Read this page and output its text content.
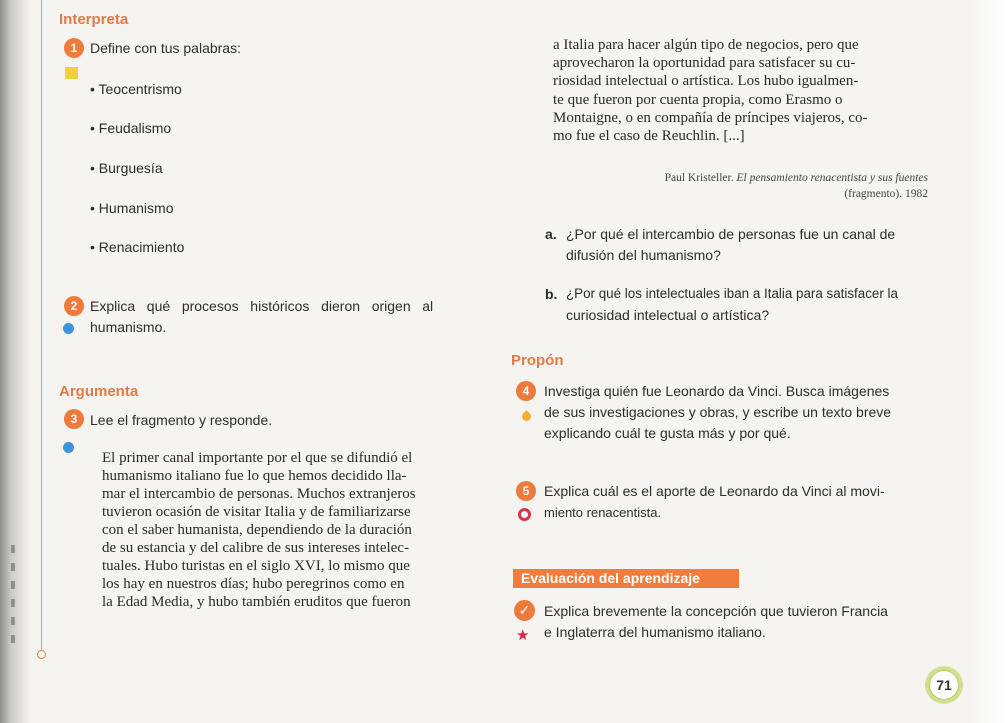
Interpreta
1 Define con tus palabras:
• Teocentrismo
• Feudalismo
• Burguesía
• Humanismo
• Renacimiento
2 Explica   qué   procesos   históricos   dieron   origen   al
humanismo.
Argumenta
3 Lee el fragmento y responde.
El primer canal importante por el que se difundió el
humanismo italiano fue lo que hemos decidido lla-
mar el intercambio de personas. Muchos extranjeros
tuvieron ocasión de visitar Italia y de familiarizarse
con el saber humanista, dependiendo de la duración
de su estancia y del calibre de sus intereses intelec-
tuales. Hubo turistas en el siglo XVI, lo mismo que
los hay en nuestros días; hubo peregrinos como en
la Edad Media, y hubo también eruditos que fueron
a Italia para hacer algún tipo de negocios, pero que
aprovecharon la oportunidad para satisfacer su cu-
riosidad intelectual o artística. Los hubo igualmen-
te que fueron por cuenta propia, como Erasmo o
Montaigne, o en compañía de príncipes viajeros, co-
mo fue el caso de Reuchlin. [...]
Paul Kristeller. El pensamiento renacentista y sus fuentes
(fragmento). 1982
a. ¿Por qué el intercambio de personas fue un canal de
difusión del humanismo?
b. ¿Por qué los intelectuales iban a Italia para satisfacer la
curiosidad intelectual o artística?
Propón
4	Investiga quién fue Leonardo da Vinci. Busca imágenes
de sus investigaciones y obras, y escribe un texto breve
explicando cuál te gusta más y por qué.
5	Explica cuál es el aporte de Leonardo da Vinci al movi-
miento renacentista.
Evaluación del aprendizaje
✓
★
Explica brevemente la concepción que tuvieron Francia
e Inglaterra del humanismo italiano.
71
